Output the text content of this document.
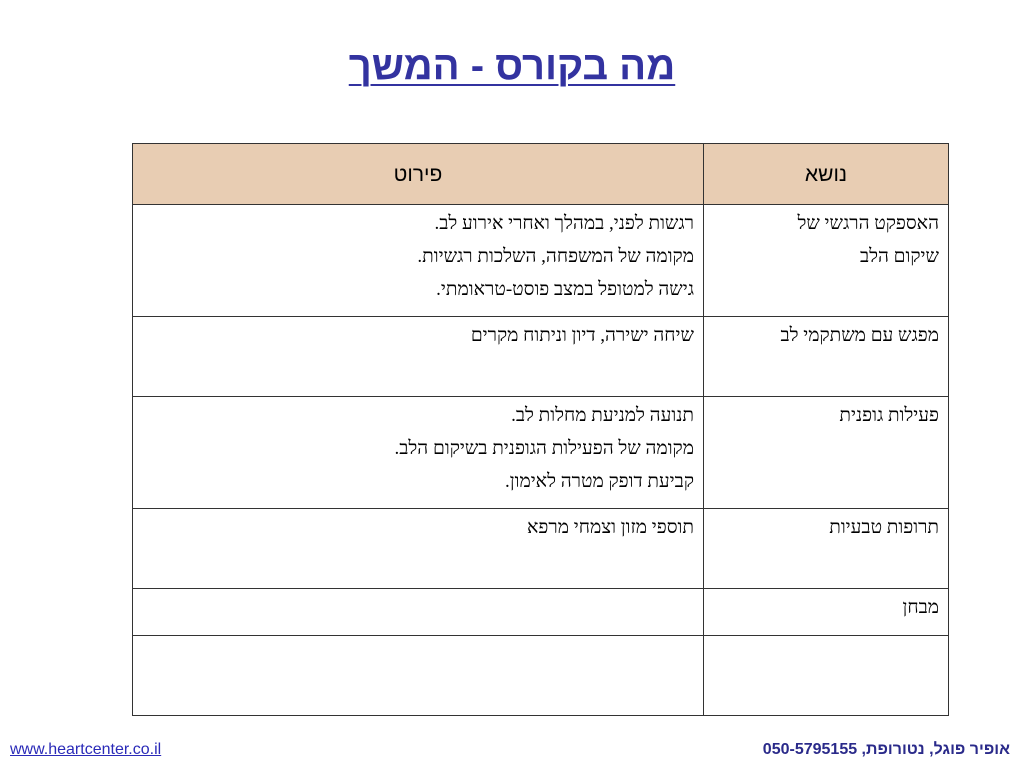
מה בקורס - המשך
נושא	פירוט

האספקט הרגשי של
שיקום הלב	רגשות לפני, במהלך ואחרי אירוע לב.
מקומה של המשפחה, השלכות רגשיות.
גישה למטופל במצב פוסט-טראומתי.

מפגש עם משתקמי לב	שיחה ישירה, דיון וניתוח מקרים

פעילות גופנית	תנועה למניעת מחלות לב.
מקומה של הפעילות הגופנית בשיקום הלב.
קביעת דופק מטרה לאימון.

תרופות טבעיות	תוספי מזון וצמחי מרפא

מבחן	

www.heartcenter.co.il	אופיר פוגל, נטורופת, 050-5795155
